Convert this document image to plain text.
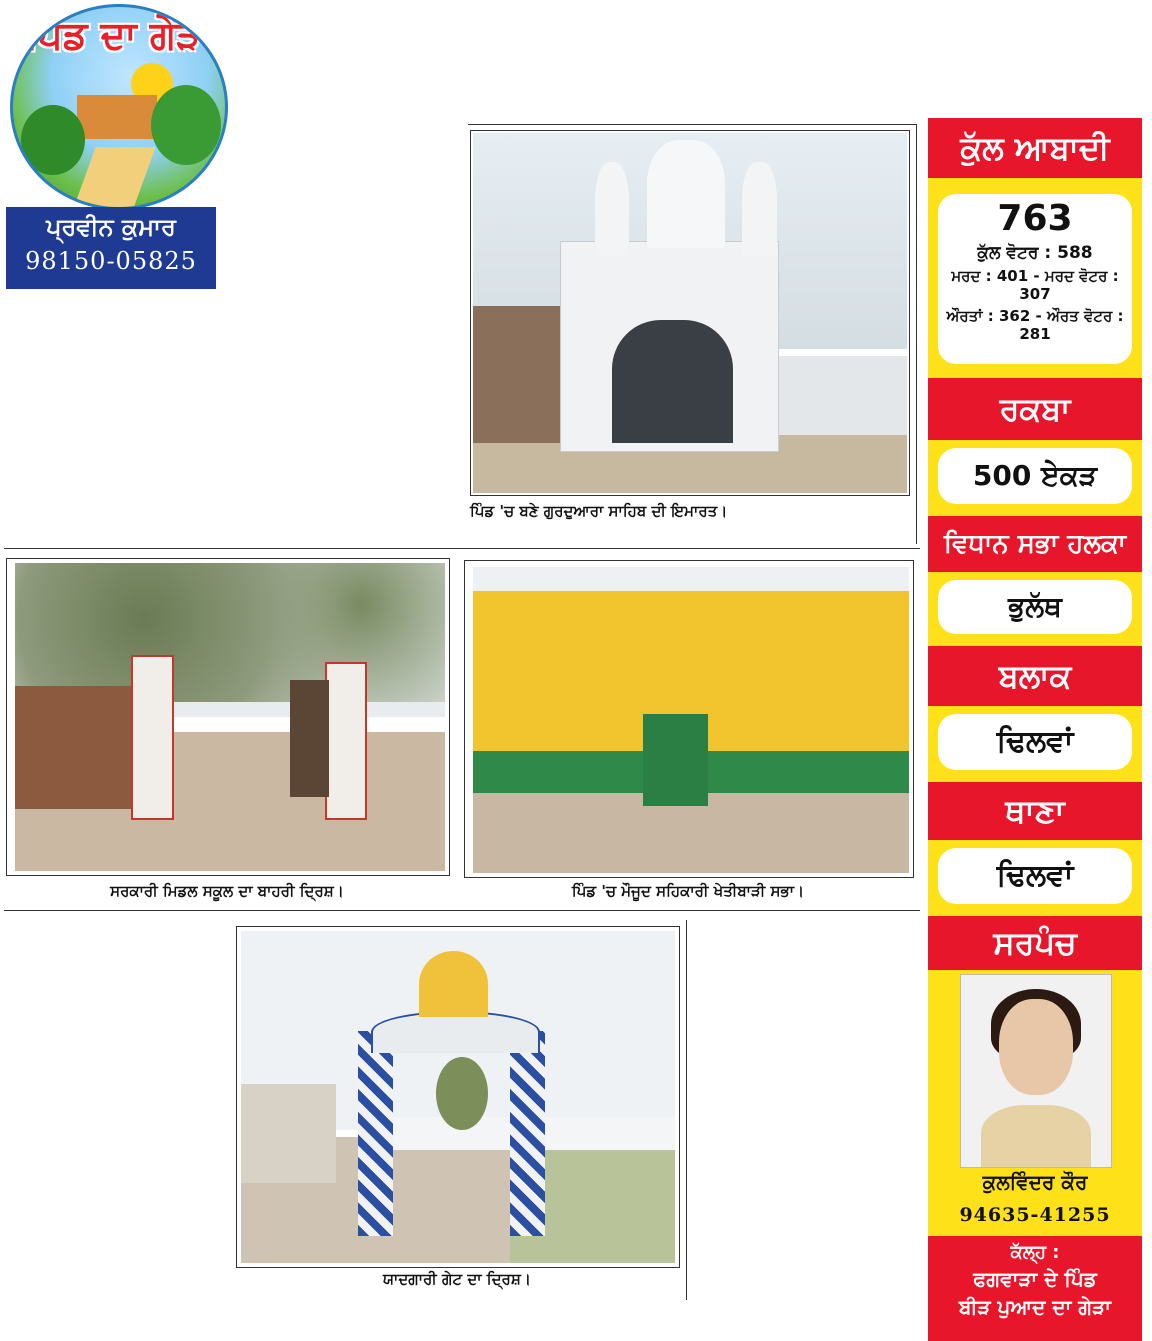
ਪਿੰਡ ਦਾ ਗੇੜਾ
ਪ੍ਰਵੀਨ ਕੁਮਾਰ
98150-05825
ਪਿੰਡ 'ਚ ਬਣੇ ਗੁਰਦੁਆਰਾ ਸਾਹਿਬ ਦੀ ਇਮਾਰਤ।
ਸਰਕਾਰੀ ਮਿਡਲ ਸਕੂਲ ਦਾ ਬਾਹਰੀ ਦ੍ਰਿਸ਼।	ਪਿੰਡ 'ਚ ਮੌਜੂਦ ਸਹਿਕਾਰੀ ਖੇਤੀਬਾੜੀ ਸਭਾ।
ਯਾਦਗਾਰੀ ਗੇਟ ਦਾ ਦ੍ਰਿਸ਼।
ਕੁੱਲ ਆਬਾਦੀ
763
ਕੁੱਲ ਵੋਟਰ : 588
ਮਰਦ : 401 - ਮਰਦ ਵੋਟਰ : 307
ਔਰਤਾਂ : 362 - ਔਰਤ ਵੋਟਰ : 281
ਰਕਬਾ
500 ਏਕੜ
ਵਿਧਾਨ ਸਭਾ ਹਲਕਾ
ਭੁਲੱਥ
ਬਲਾਕ
ਢਿਲਵਾਂ
ਥਾਣਾ
ਢਿਲਵਾਂ
ਸਰਪੰਚ
ਕੁਲਵਿੰਦਰ ਕੌਰ
94635-41255
ਕੱਲ੍ਹ :
ਫਗਵਾੜਾ ਦੇ ਪਿੰਡ
ਬੀੜ ਪੁਆਦ ਦਾ ਗੇੜਾ
